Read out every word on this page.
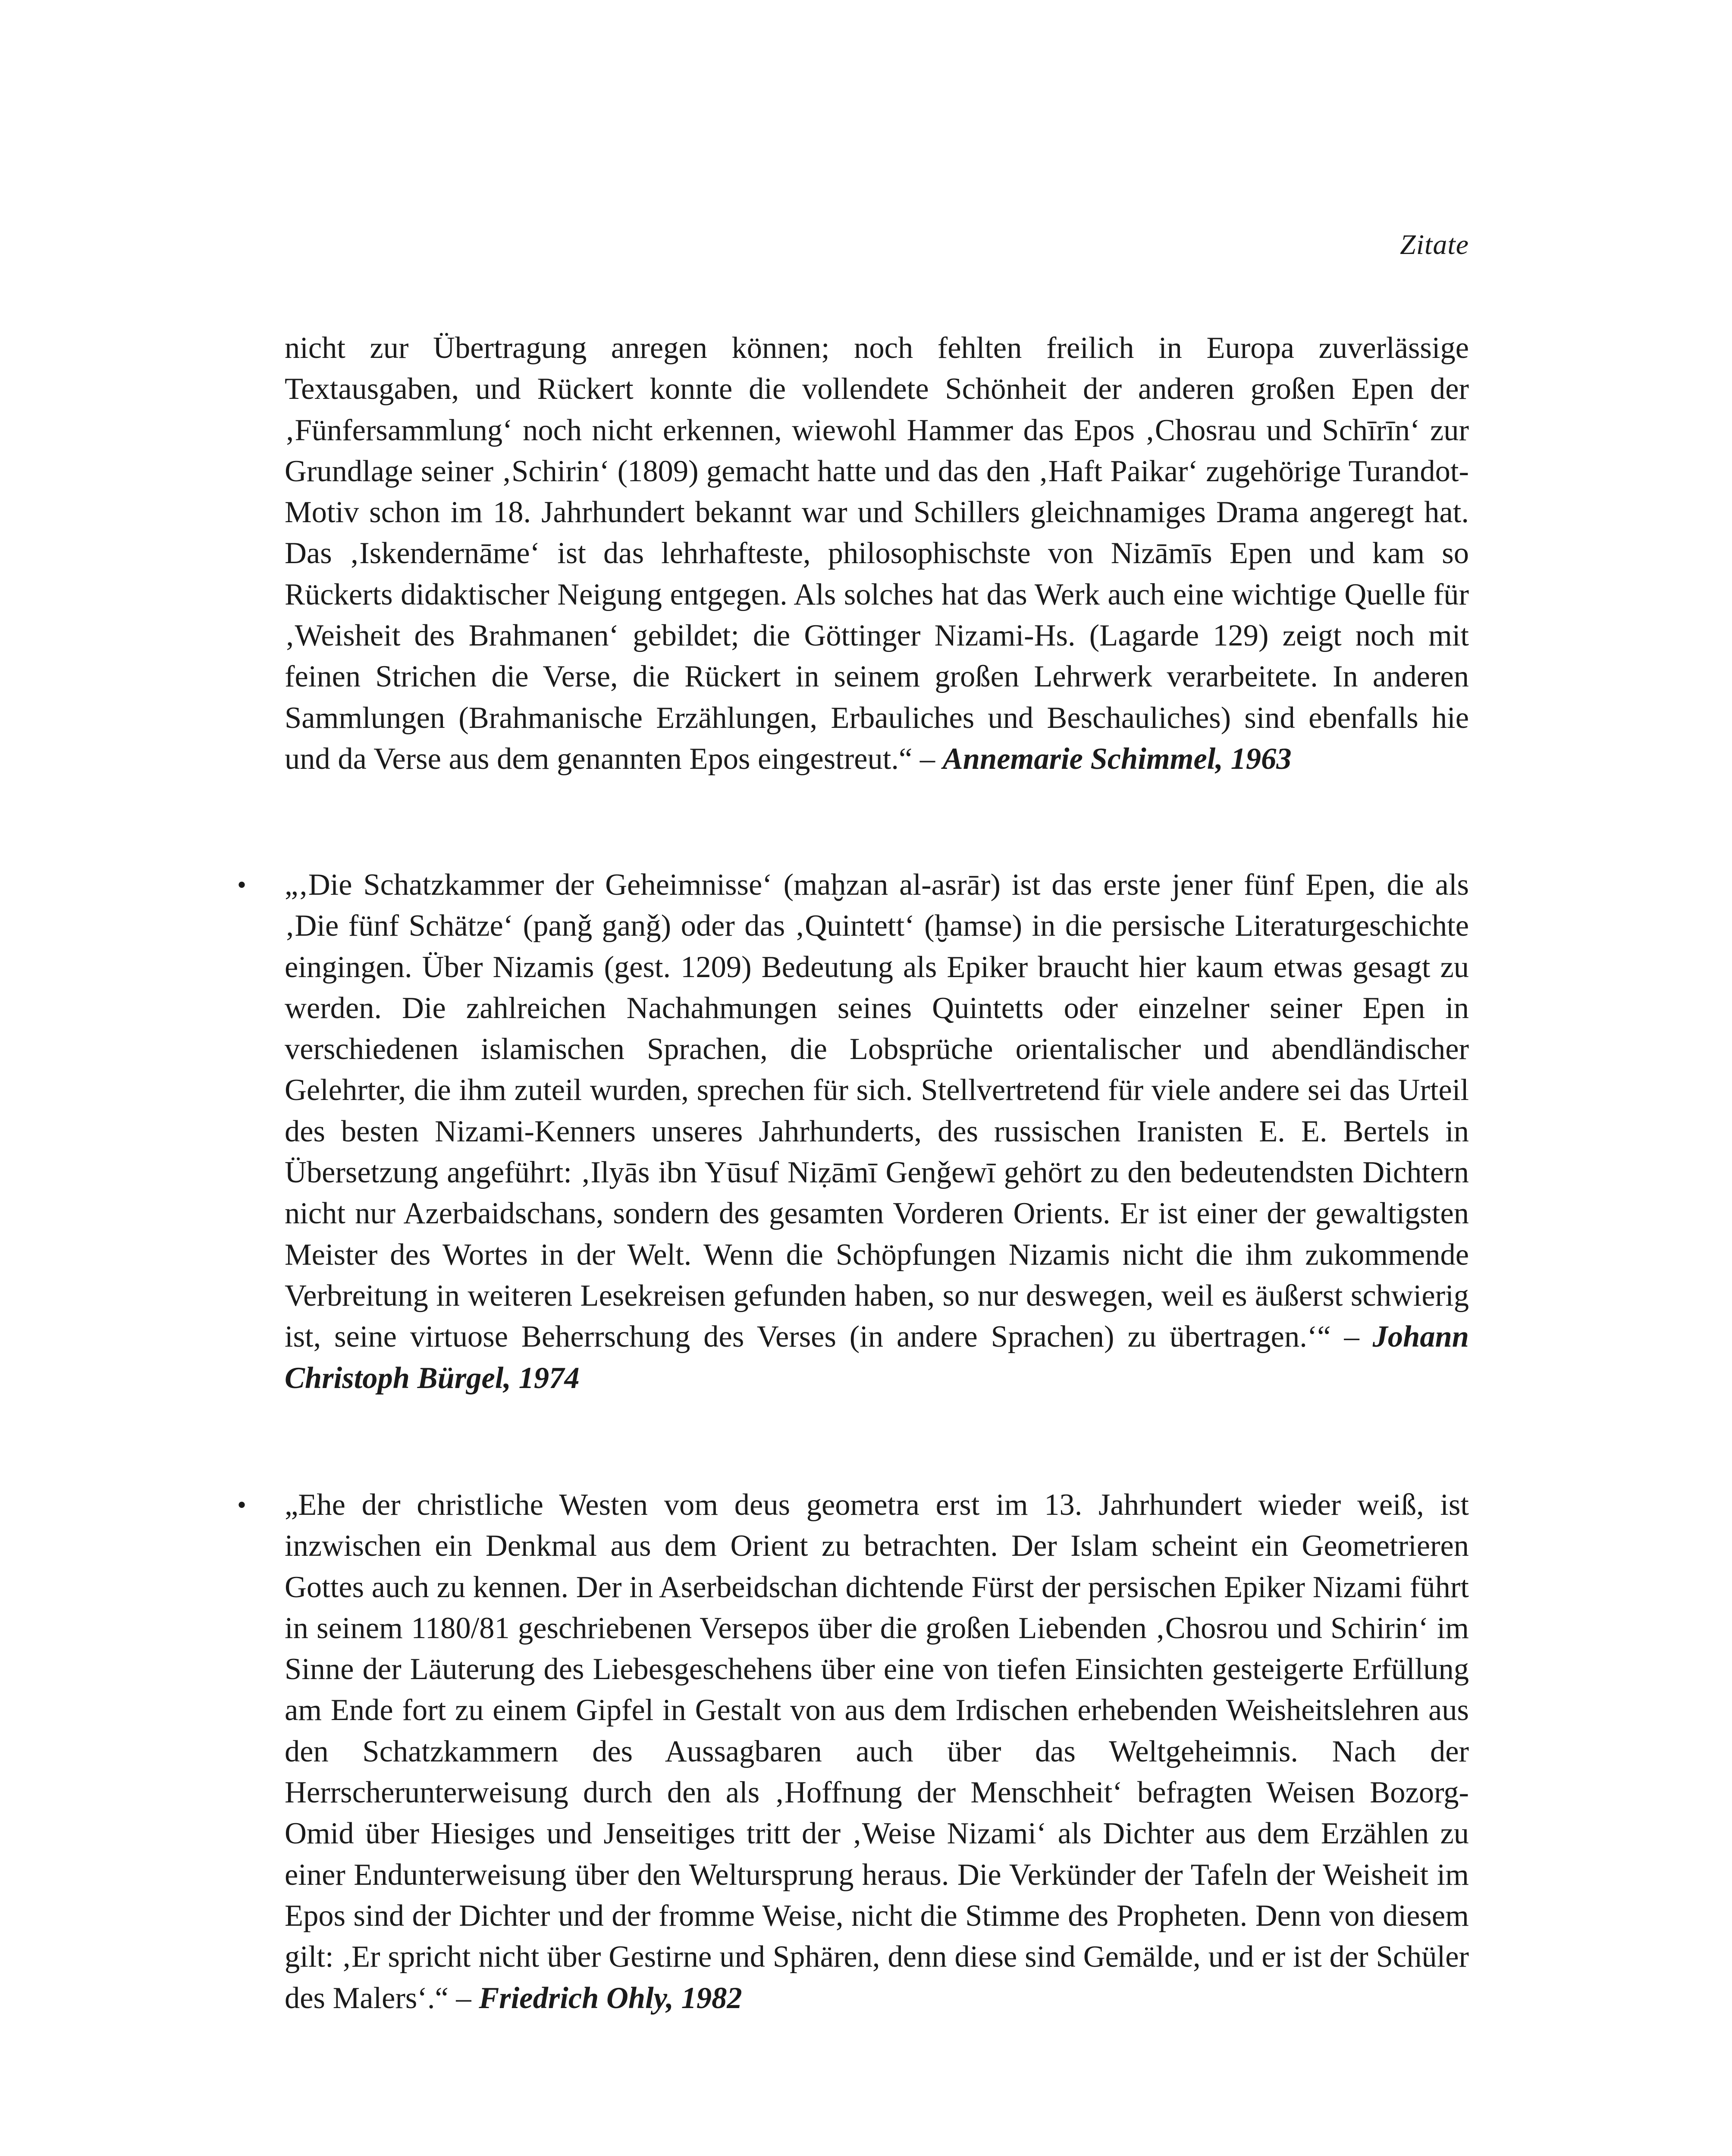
Zitate
nicht zur Übertragung anregen können; noch fehlten freilich in Europa zuverlässige Textausgaben, und Rückert konnte die vollendete Schönheit der anderen großen Epen der ‚Fünfersammlung‘ noch nicht erkennen, wiewohl Hammer das Epos ‚Chosrau und Schīrīn‘ zur Grundlage seiner ‚Schirin‘ (1809) gemacht hatte und das den ‚Haft Paikar‘ zugehörige Turandot-Motiv schon im 18. Jahrhundert bekannt war und Schillers gleichnamiges Drama angeregt hat. Das ‚Iskendernāme‘ ist das lehrhafteste, philosophischste von Nizāmīs Epen und kam so Rückerts didaktischer Neigung entgegen. Als solches hat das Werk auch eine wichtige Quelle für ‚Weisheit des Brahmanen‘ gebildet; die Göttinger Nizami-Hs. (Lagarde 129) zeigt noch mit feinen Strichen die Verse, die Rückert in seinem großen Lehrwerk verarbeitete. In anderen Sammlungen (Brahmanische Erzählungen, Erbauliches und Beschauliches) sind ebenfalls hie und da Verse aus dem genannten Epos eingestreut.“ – Annemarie Schimmel, 1963
• „‚Die Schatzkammer der Geheimnisse‘ (maḫzan al-asrār) ist das erste jener fünf Epen, die als ‚Die fünf Schätze‘ (panǧ ganǧ) oder das ‚Quintett‘ (ḫamse) in die persische Literaturgeschichte eingingen. Über Nizamis (gest. 1209) Bedeutung als Epiker braucht hier kaum etwas gesagt zu werden. Die zahlreichen Nachahmungen seines Quintetts oder einzelner seiner Epen in verschiedenen islamischen Sprachen, die Lobsprüche orientalischer und abendländischer Gelehrter, die ihm zuteil wurden, sprechen für sich. Stellvertretend für viele andere sei das Urteil des besten Nizami-Kenners unseres Jahrhunderts, des russischen Iranisten E. E. Bertels in Übersetzung angeführt: ‚Ilyās ibn Yūsuf Niẓāmī Genǧewī gehört zu den bedeutendsten Dichtern nicht nur Azerbaidschans, sondern des gesamten Vorderen Orients. Er ist einer der gewaltigsten Meister des Wortes in der Welt. Wenn die Schöpfungen Nizamis nicht die ihm zukommende Verbreitung in weiteren Lesekreisen gefunden haben, so nur deswegen, weil es äußerst schwierig ist, seine virtuose Beherrschung des Verses (in andere Sprachen) zu übertragen.‘“ – Johann Christoph Bürgel, 1974
• „Ehe der christliche Westen vom deus geometra erst im 13. Jahrhundert wieder weiß, ist inzwischen ein Denkmal aus dem Orient zu betrachten. Der Islam scheint ein Geometrieren Gottes auch zu kennen. Der in Aserbeidschan dichtende Fürst der persischen Epiker Nizami führt in seinem 1180/81 geschriebenen Versepos über die großen Liebenden ‚Chosrou und Schirin‘ im Sinne der Läuterung des Liebesgeschehens über eine von tiefen Einsichten gesteigerte Erfüllung am Ende fort zu einem Gipfel in Gestalt von aus dem Irdischen erhebenden Weisheitslehren aus den Schatzkammern des Aussagbaren auch über das Weltgeheimnis. Nach der Herrscherunterweisung durch den als ‚Hoffnung der Menschheit‘ befragten Weisen Bozorg-Omid über Hiesiges und Jenseitiges tritt der ‚Weise Nizami‘ als Dichter aus dem Erzählen zu einer Endunterweisung über den Weltursprung heraus. Die Verkünder der Tafeln der Weisheit im Epos sind der Dichter und der fromme Weise, nicht die Stimme des Propheten. Denn von diesem gilt: ‚Er spricht nicht über Gestirne und Sphären, denn diese sind Gemälde, und er ist der Schüler des Malers‘.“ – Friedrich Ohly, 1982
